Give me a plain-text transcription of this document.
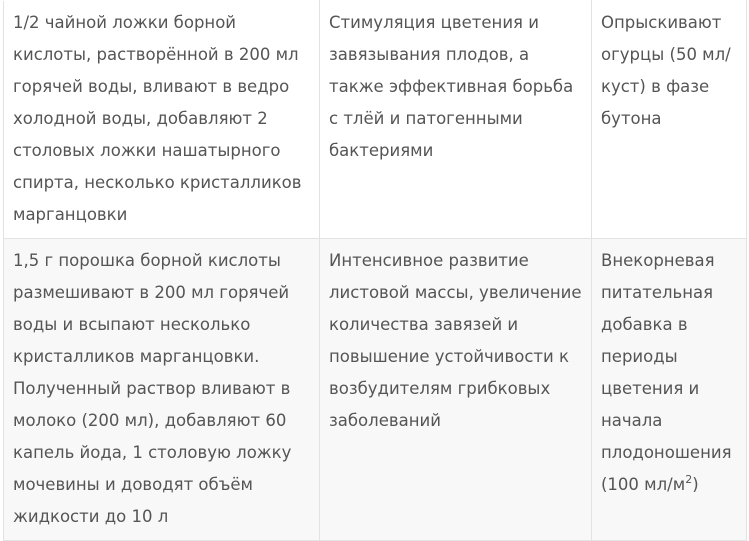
1/2 чайной ложки борной кислоты, растворённой в 200 мл горячей воды, вливают в ведро холодной воды, добавляют 2 столовых ложки нашатырного спирта, несколько кристалликов марганцовки	Стимуляция цветения и завязывания плодов, а также эффективная борьба с тлёй и патогенными бактериями	Опрыскивают огурцы (50 мл/куст) в фазе бутона
1,5 г порошка борной кислоты размешивают в 200 мл горячей воды и всыпают несколько кристалликов марганцовки. Полученный раствор вливают в молоко (200 мл), добавляют 60 капель йода, 1 столовую ложку мочевины и доводят объём жидкости до 10 л	Интенсивное развитие листовой массы, увеличение количества завязей и повышение устойчивости к возбудителям грибковых заболеваний	Внекорневая питательная добавка в периоды цветения и начала плодоношения (100 $мл/м^2$)
